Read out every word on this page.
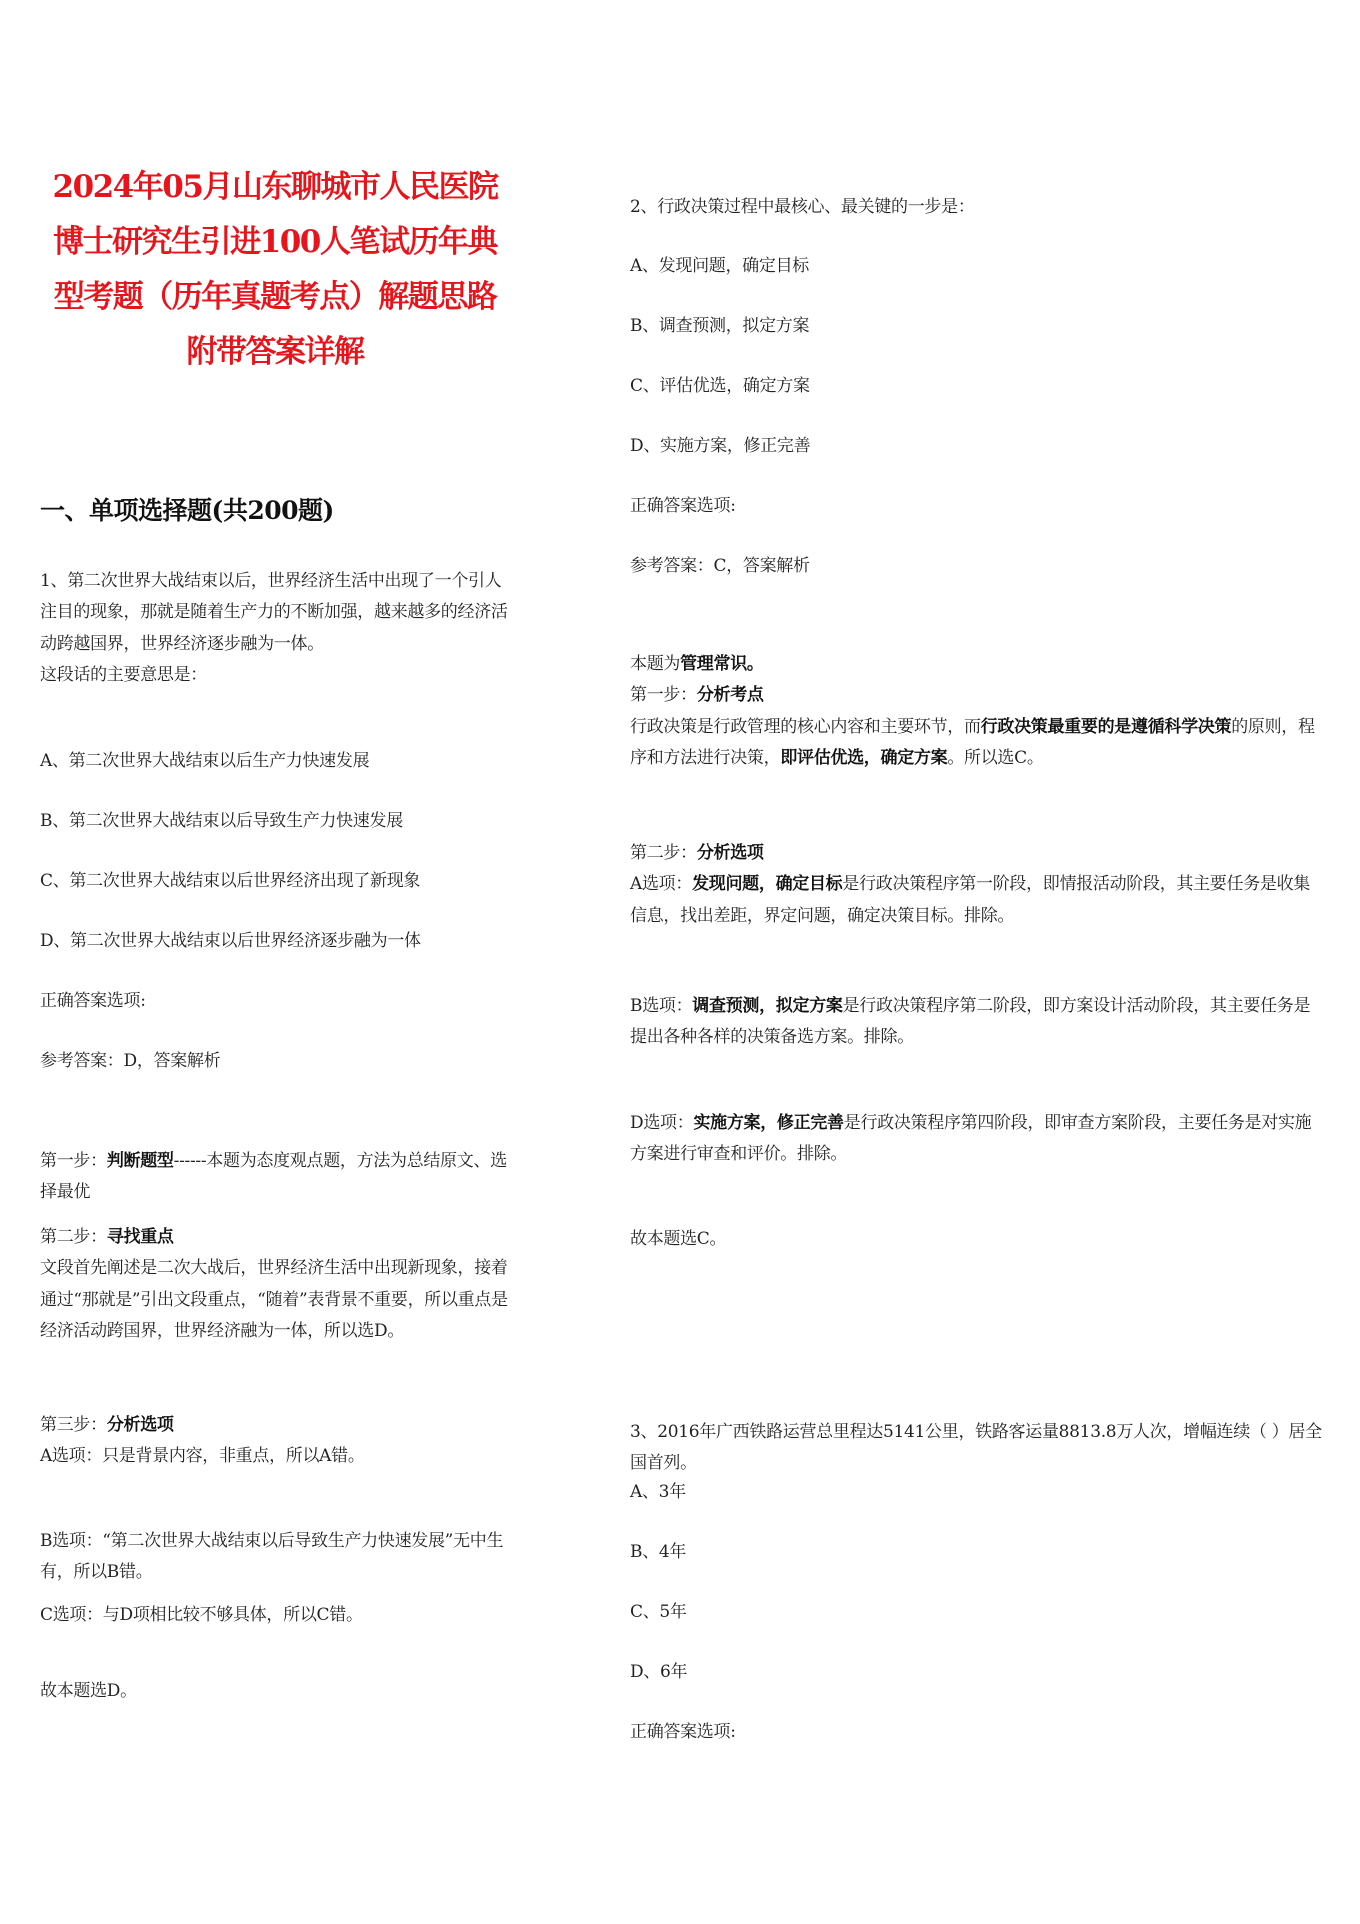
2024年05月山东聊城市人民医院博士研究生引进100人笔试历年典型考题（历年真题考点）解题思路附带答案详解
一、单项选择题(共200题)
1、第二次世界大战结束以后，世界经济生活中出现了一个引人注目的现象，那就是随着生产力的不断加强，越来越多的经济活动跨越国界，世界经济逐步融为一体。
这段话的主要意思是：
A、第二次世界大战结束以后生产力快速发展
B、第二次世界大战结束以后导致生产力快速发展
C、第二次世界大战结束以后世界经济出现了新现象
D、第二次世界大战结束以后世界经济逐步融为一体
正确答案选项:
参考答案：D，答案解析
第一步：判断题型------本题为态度观点题，方法为总结原文、选择最优
第二步：寻找重点
文段首先阐述是二次大战后，世界经济生活中出现新现象，接着通过“那就是”引出文段重点，“随着”表背景不重要，所以重点是经济活动跨国界，世界经济融为一体，所以选D。
第三步：分析选项
A选项：只是背景内容，非重点，所以A错。
B选项：“第二次世界大战结束以后导致生产力快速发展”无中生有，所以B错。
C选项：与D项相比较不够具体，所以C错。
故本题选D。
2、行政决策过程中最核心、最关键的一步是：
A、发现问题，确定目标
B、调查预测，拟定方案
C、评估优选，确定方案
D、实施方案，修正完善
正确答案选项:
参考答案：C，答案解析
本题为管理常识。
第一步：分析考点
行政决策是行政管理的核心内容和主要环节，而行政决策最重要的是遵循科学决策的原则，程序和方法进行决策，即评估优选，确定方案。所以选C。
第二步：分析选项
A选项：发现问题，确定目标是行政决策程序第一阶段，即情报活动阶段，其主要任务是收集信息，找出差距，界定问题，确定决策目标。排除。
B选项：调查预测，拟定方案是行政决策程序第二阶段，即方案设计活动阶段，其主要任务是提出各种各样的决策备选方案。排除。
D选项：实施方案，修正完善是行政决策程序第四阶段，即审查方案阶段，主要任务是对实施方案进行审查和评价。排除。
故本题选C。
3、2016年广西铁路运营总里程达5141公里，铁路客运量8813.8万人次，增幅连续（ ）居全国首列。
A、3年
B、4年
C、5年
D、6年
正确答案选项:
